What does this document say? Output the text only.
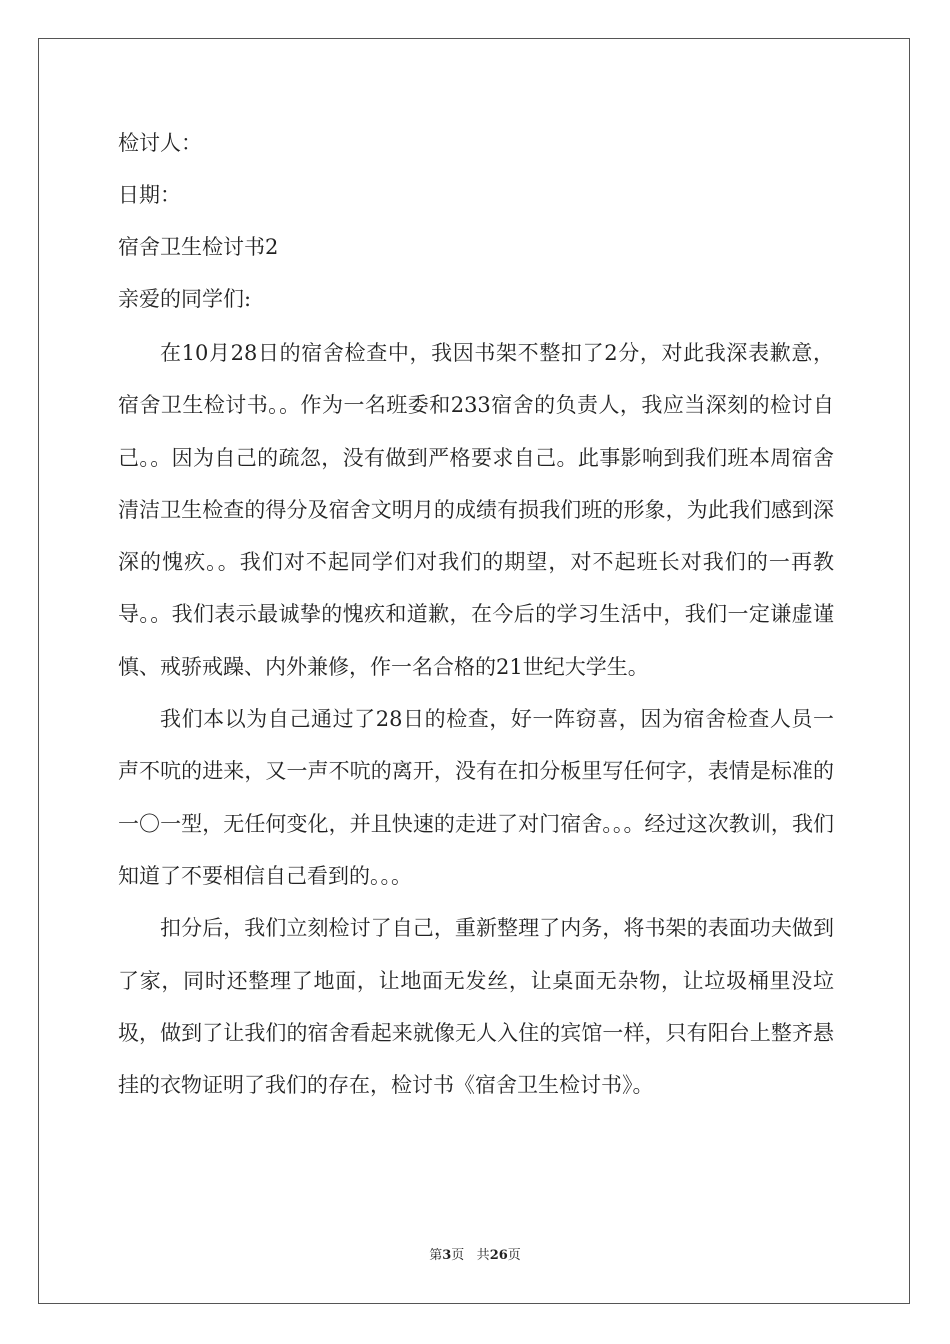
检讨人：

日期：

宿舍卫生检讨书2

亲爱的同学们:

在10月28日的宿舍检查中，我因书架不整扣了2分，对此我深表歉意，宿舍卫生检讨书。。作为一名班委和233宿舍的负责人，我应当深刻的检讨自己。。因为自己的疏忽，没有做到严格要求自己。此事影响到我们班本周宿舍清洁卫生检查的得分及宿舍文明月的成绩有损我们班的形象，为此我们感到深深的愧疚。。我们对不起同学们对我们的期望，对不起班长对我们的一再教导。。我们表示最诚挚的愧疚和道歉，在今后的学习生活中，我们一定谦虚谨慎、戒骄戒躁、内外兼修，作一名合格的21世纪大学生。

我们本以为自己通过了28日的检查，好一阵窃喜，因为宿舍检查人员一声不吭的进来，又一声不吭的离开，没有在扣分板里写任何字，表情是标准的一〇一型，无任何变化，并且快速的走进了对门宿舍。。。经过这次教训，我们知道了不要相信自己看到的。。。

扣分后，我们立刻检讨了自己，重新整理了内务，将书架的表面功夫做到了家，同时还整理了地面，让地面无发丝，让桌面无杂物，让垃圾桶里没垃圾，做到了让我们的宿舍看起来就像无人入住的宾馆一样，只有阳台上整齐悬挂的衣物证明了我们的存在，检讨书《宿舍卫生检讨书》。

第3页 共26页
